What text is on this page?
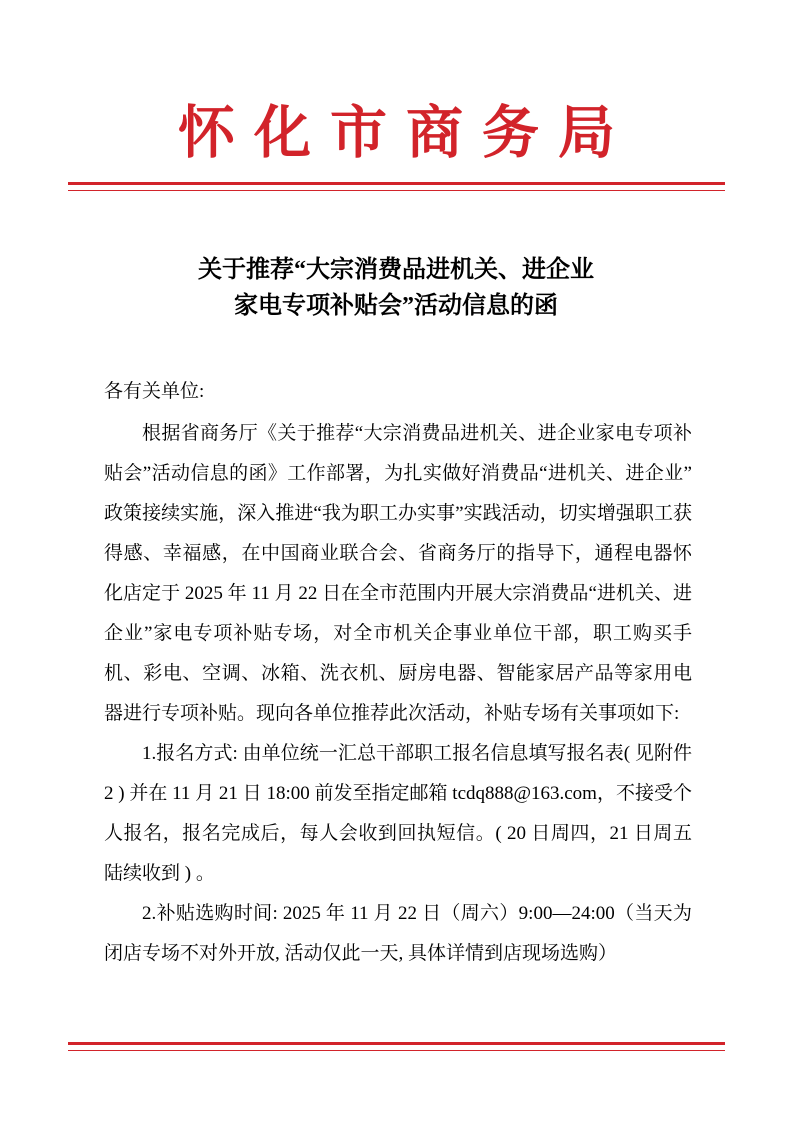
怀化市商务局
关于推荐“大宗消费品进机关、进企业
家电专项补贴会”活动信息的函

各有关单位:

根据省商务厅《关于推荐“大宗消费品进机关、进企业家电专项补贴会”活动信息的函》工作部署，为扎实做好消费品“进机关、进企业”政策接续实施，深入推进“我为职工办实事”实践活动，切实增强职工获得感、幸福感，在中国商业联合会、省商务厅的指导下，通程电器怀化店定于 2025 年 11 月 22 日在全市范围内开展大宗消费品“进机关、进企业”家电专项补贴专场，对全市机关企事业单位干部，职工购买手机、彩电、空调、冰箱、洗衣机、厨房电器、智能家居产品等家用电器进行专项补贴。现向各单位推荐此次活动，补贴专场有关事项如下:

1.报名方式: 由单位统一汇总干部职工报名信息填写报名表( 见附件 2 ) 并在 11 月 21 日 18:00 前发至指定邮箱 tcdq888@163.com，不接受个人报名，报名完成后，每人会收到回执短信。( 20 日周四，21 日周五陆续收到 ) 。

2.补贴选购时间: 2025 年 11 月 22 日（周六）9:00—24:00（当天为闭店专场不对外开放, 活动仅此一天, 具体详情到店现场选购）
